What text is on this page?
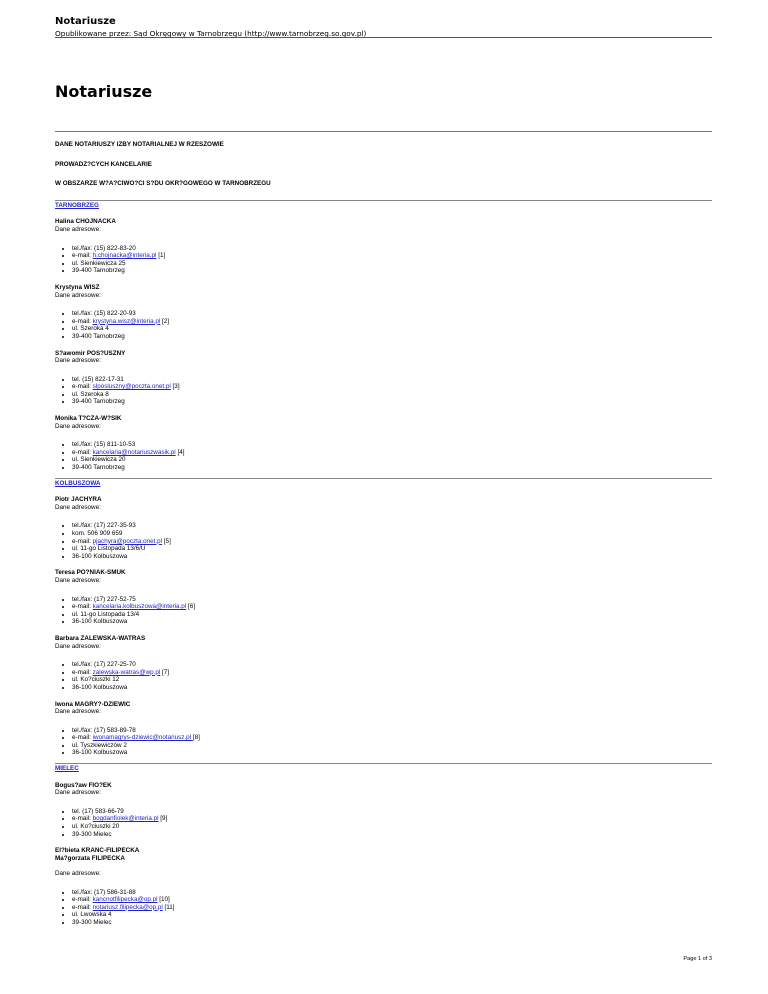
Notariusze
Opublikowane przez: Sąd Okręgowy w Tarnobrzegu (http://www.tarnobrzeg.so.gov.pl)
Notariusze

DANE NOTARIUSZY IZBY NOTARIALNEJ W RZESZOWIE

PROWADZ?CYCH KANCELARIE

W OBSZARZE W?A?CIWO?CI S?DU OKR?GOWEGO W TARNOBRZEGU

TARNOBRZEG
Halina CHOJNACKA
Dane adresowe:
• tel./fax: (15) 822-83-20
• e-mail: h.chojnacka@interia.pl [1]
• ul. Sienkiewicza 25
• 39-400 Tarnobrzeg
Krystyna WISZ
Dane adresowe:
• tel./fax: (15) 822-20-93
• e-mail: krystyna.wisz@interia.pl [2]
• ul. Szeroka 4
• 39-400 Tarnobrzeg
S?awomir POS?USZNY
Dane adresowe:
• tel. (15) 822-17-31
• e-mail: slposluszny@poczta.onet.pl [3]
• ul. Szeroka 8
• 39-400 Tarnobrzeg
Monika T?CZA-W?SIK
Dane adresowe:
• tel./fax: (15) 811-10-53
• e-mail: kancelaria@notariuszwasik.pl [4]
• ul. Sienkiewicza 20
• 39-400 Tarnobrzeg
KOLBUSZOWA
Piotr JACHYRA
Dane adresowe:
• tel./fax: (17) 227-35-93
• kom. 506 909 659
• e-mail: pjachyra@poczta.onet.pl [5]
• ul. 11-go Listopada 13/6/U
• 36-100 Kolbuszowa
Teresa PO?NIAK-SMUK
Dane adresowe:
• tel./fax: (17) 227-52-75
• e-mail: kancelaria.kolbuszowa@interia.pl [6]
• ul. 11-go Listopada 13/4
• 36-100 Kolbuszowa
Barbara ZALEWSKA-WATRAS
Dane adresowe:
• tel./fax: (17) 227-25-70
• e-mail: zalewska-watras@wp.pl [7]
• ul. Ko?ciuszki 12
• 36-100 Kolbuszowa
Iwona MAGRY?-DZIEWIC
Dane adresowe:
• tel./fax: (17) 583-89-78
• e-mail: iwonamagrys-dziewic@notariusz.pl [8]
• ul. Tyszkiewiczów 2
• 36-100 Kolbuszowa
MIELEC
Bogus?aw FIO?EK
Dane adresowe:
• tel. (17) 583-66-79
• e-mail: bogdanfiolek@interia.pl [9]
• ul. Ko?ciuszki 20
• 39-300 Mielec
El?bieta KRANC-FILIPECKA
Ma?gorzata FILIPECKA
Dane adresowe:
• tel./fax: (17) 586-31-88
• e-mail: kancnotfilipecka@op.pl [10]
• e-mail: notariusz.filipecka@op.pl [11]
• ul. Lwowska 4
• 39-300 Mielec
Page 1 of 3
